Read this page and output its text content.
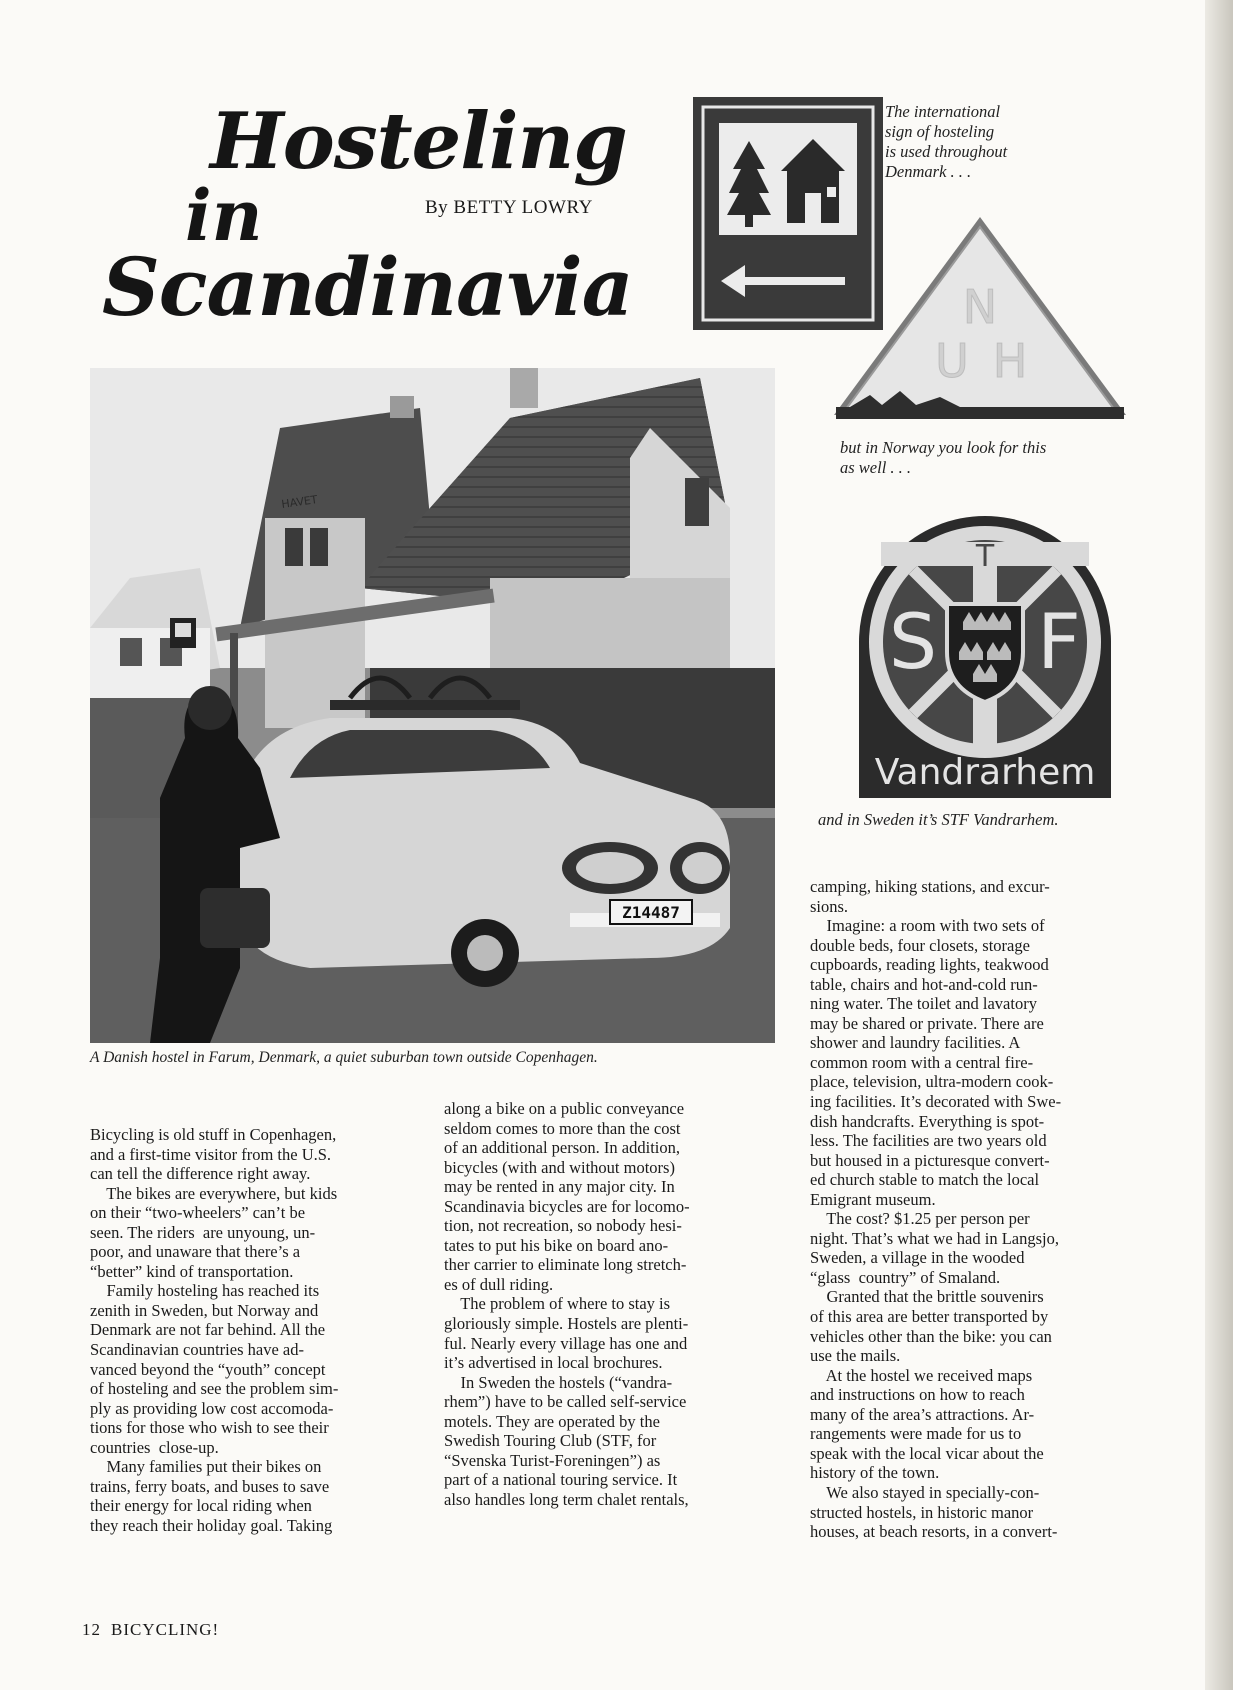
Hosteling
in
Scandinavia
By BETTY LOWRY
The international
sign of hosteling
is used throughout
Denmark . . .
N
U H
but in Norway you look for this
as well . . .
S
T
F
Vandrarhem
and in Sweden it’s STF Vandrarhem.
HAVET
Z14487
A Danish hostel in Farum, Denmark, a quiet suburban town outside Copenhagen.
Bicycling is old stuff in Copenhagen,
and a first-time visitor from the U.S.
can tell the difference right away.
The bikes are everywhere, but kids
on their “two-wheelers” can’t be
seen. The riders  are unyoung, un-
poor, and unaware that there’s a
“better” kind of transportation.
Family hosteling has reached its
zenith in Sweden, but Norway and
Denmark are not far behind. All the
Scandinavian countries have ad-
vanced beyond the “youth” concept
of hosteling and see the problem sim-
ply as providing low cost accomoda-
tions for those who wish to see their
countries  close-up.
Many families put their bikes on
trains, ferry boats, and buses to save
their energy for local riding when
they reach their holiday goal. Taking
along a bike on a public conveyance
seldom comes to more than the cost
of an additional person. In addition,
bicycles (with and without motors)
may be rented in any major city. In
Scandinavia bicycles are for locomo-
tion, not recreation, so nobody hesi-
tates to put his bike on board ano-
ther carrier to eliminate long stretch-
es of dull riding.
The problem of where to stay is
gloriously simple. Hostels are plenti-
ful. Nearly every village has one and
it’s advertised in local brochures.
In Sweden the hostels (“vandra-
rhem”) have to be called self-service
motels. They are operated by the
Swedish Touring Club (STF, for
“Svenska Turist-Foreningen”) as
part of a national touring service. It
also handles long term chalet rentals,
camping, hiking stations, and excur-
sions.
Imagine: a room with two sets of
double beds, four closets, storage
cupboards, reading lights, teakwood
table, chairs and hot-and-cold run-
ning water. The toilet and lavatory
may be shared or private. There are
shower and laundry facilities. A
common room with a central fire-
place, television, ultra-modern cook-
ing facilities. It’s decorated with Swe-
dish handcrafts. Everything is spot-
less. The facilities are two years old
but housed in a picturesque convert-
ed church stable to match the local
Emigrant museum.
The cost? $1.25 per person per
night. That’s what we had in Langsjo,
Sweden, a village in the wooded
“glass  country” of Smaland.
Granted that the brittle souvenirs
of this area are better transported by
vehicles other than the bike: you can
use the mails.
At the hostel we received maps
and instructions on how to reach
many of the area’s attractions. Ar-
rangements were made for us to
speak with the local vicar about the
history of the town.
We also stayed in specially-con-
structed hostels, in historic manor
houses, at beach resorts, in a convert-
12 BICYCLING!
